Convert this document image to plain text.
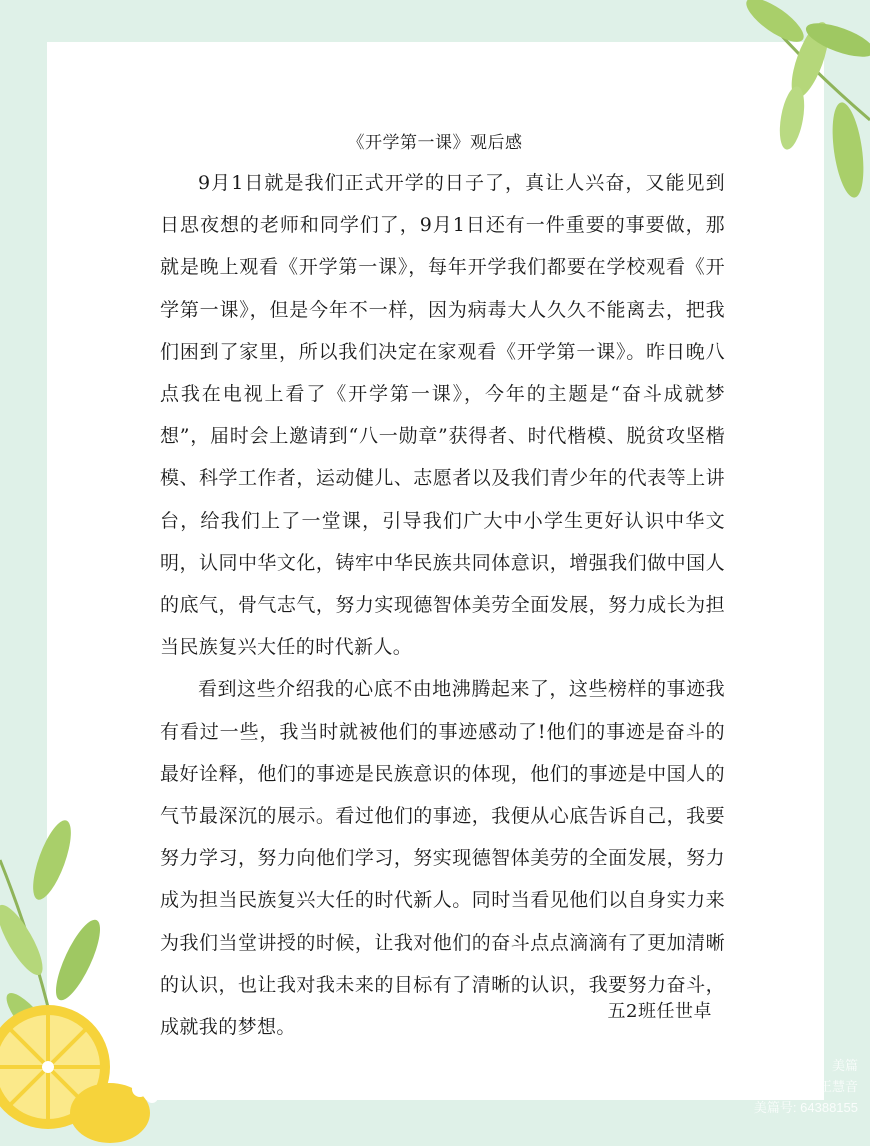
《开学第一课》观后感

9月1日就是我们正式开学的日子了，真让人兴奋，又能见到日思夜想的老师和同学们了，9月1日还有一件重要的事要做，那就是晚上观看《开学第一课》，每年开学我们都要在学校观看《开学第一课》，但是今年不一样，因为病毒大人久久不能离去，把我们困到了家里，所以我们决定在家观看《开学第一课》。昨日晚八点我在电视上看了《开学第一课》，今年的主题是“奋斗成就梦想”，届时会上邀请到“八一勋章”获得者、时代楷模、脱贫攻坚楷模、科学工作者，运动健儿、志愿者以及我们青少年的代表等上讲台，给我们上了一堂课，引导我们广大中小学生更好认识中华文明，认同中华文化，铸牢中华民族共同体意识，增强我们做中国人的底气，骨气志气，努力实现德智体美劳全面发展，努力成长为担当民族复兴大任的时代新人。

看到这些介绍我的心底不由地沸腾起来了，这些榜样的事迹我有看过一些，我当时就被他们的事迹感动了!他们的事迹是奋斗的最好诠释，他们的事迹是民族意识的体现，他们的事迹是中国人的气节最深沉的展示。看过他们的事迹，我便从心底告诉自己，我要努力学习，努力向他们学习，努实现德智体美劳的全面发展，努力成为担当民族复兴大任的时代新人。同时当看见他们以自身实力来为我们当堂讲授的时候，让我对他们的奋斗点点滴滴有了更加清晰的认识，也让我对我未来的目标有了清晰的认识，我要努力奋斗，成就我的梦想。

五2班任世卓
美篇
@王慧音
美篇号: 64388155
